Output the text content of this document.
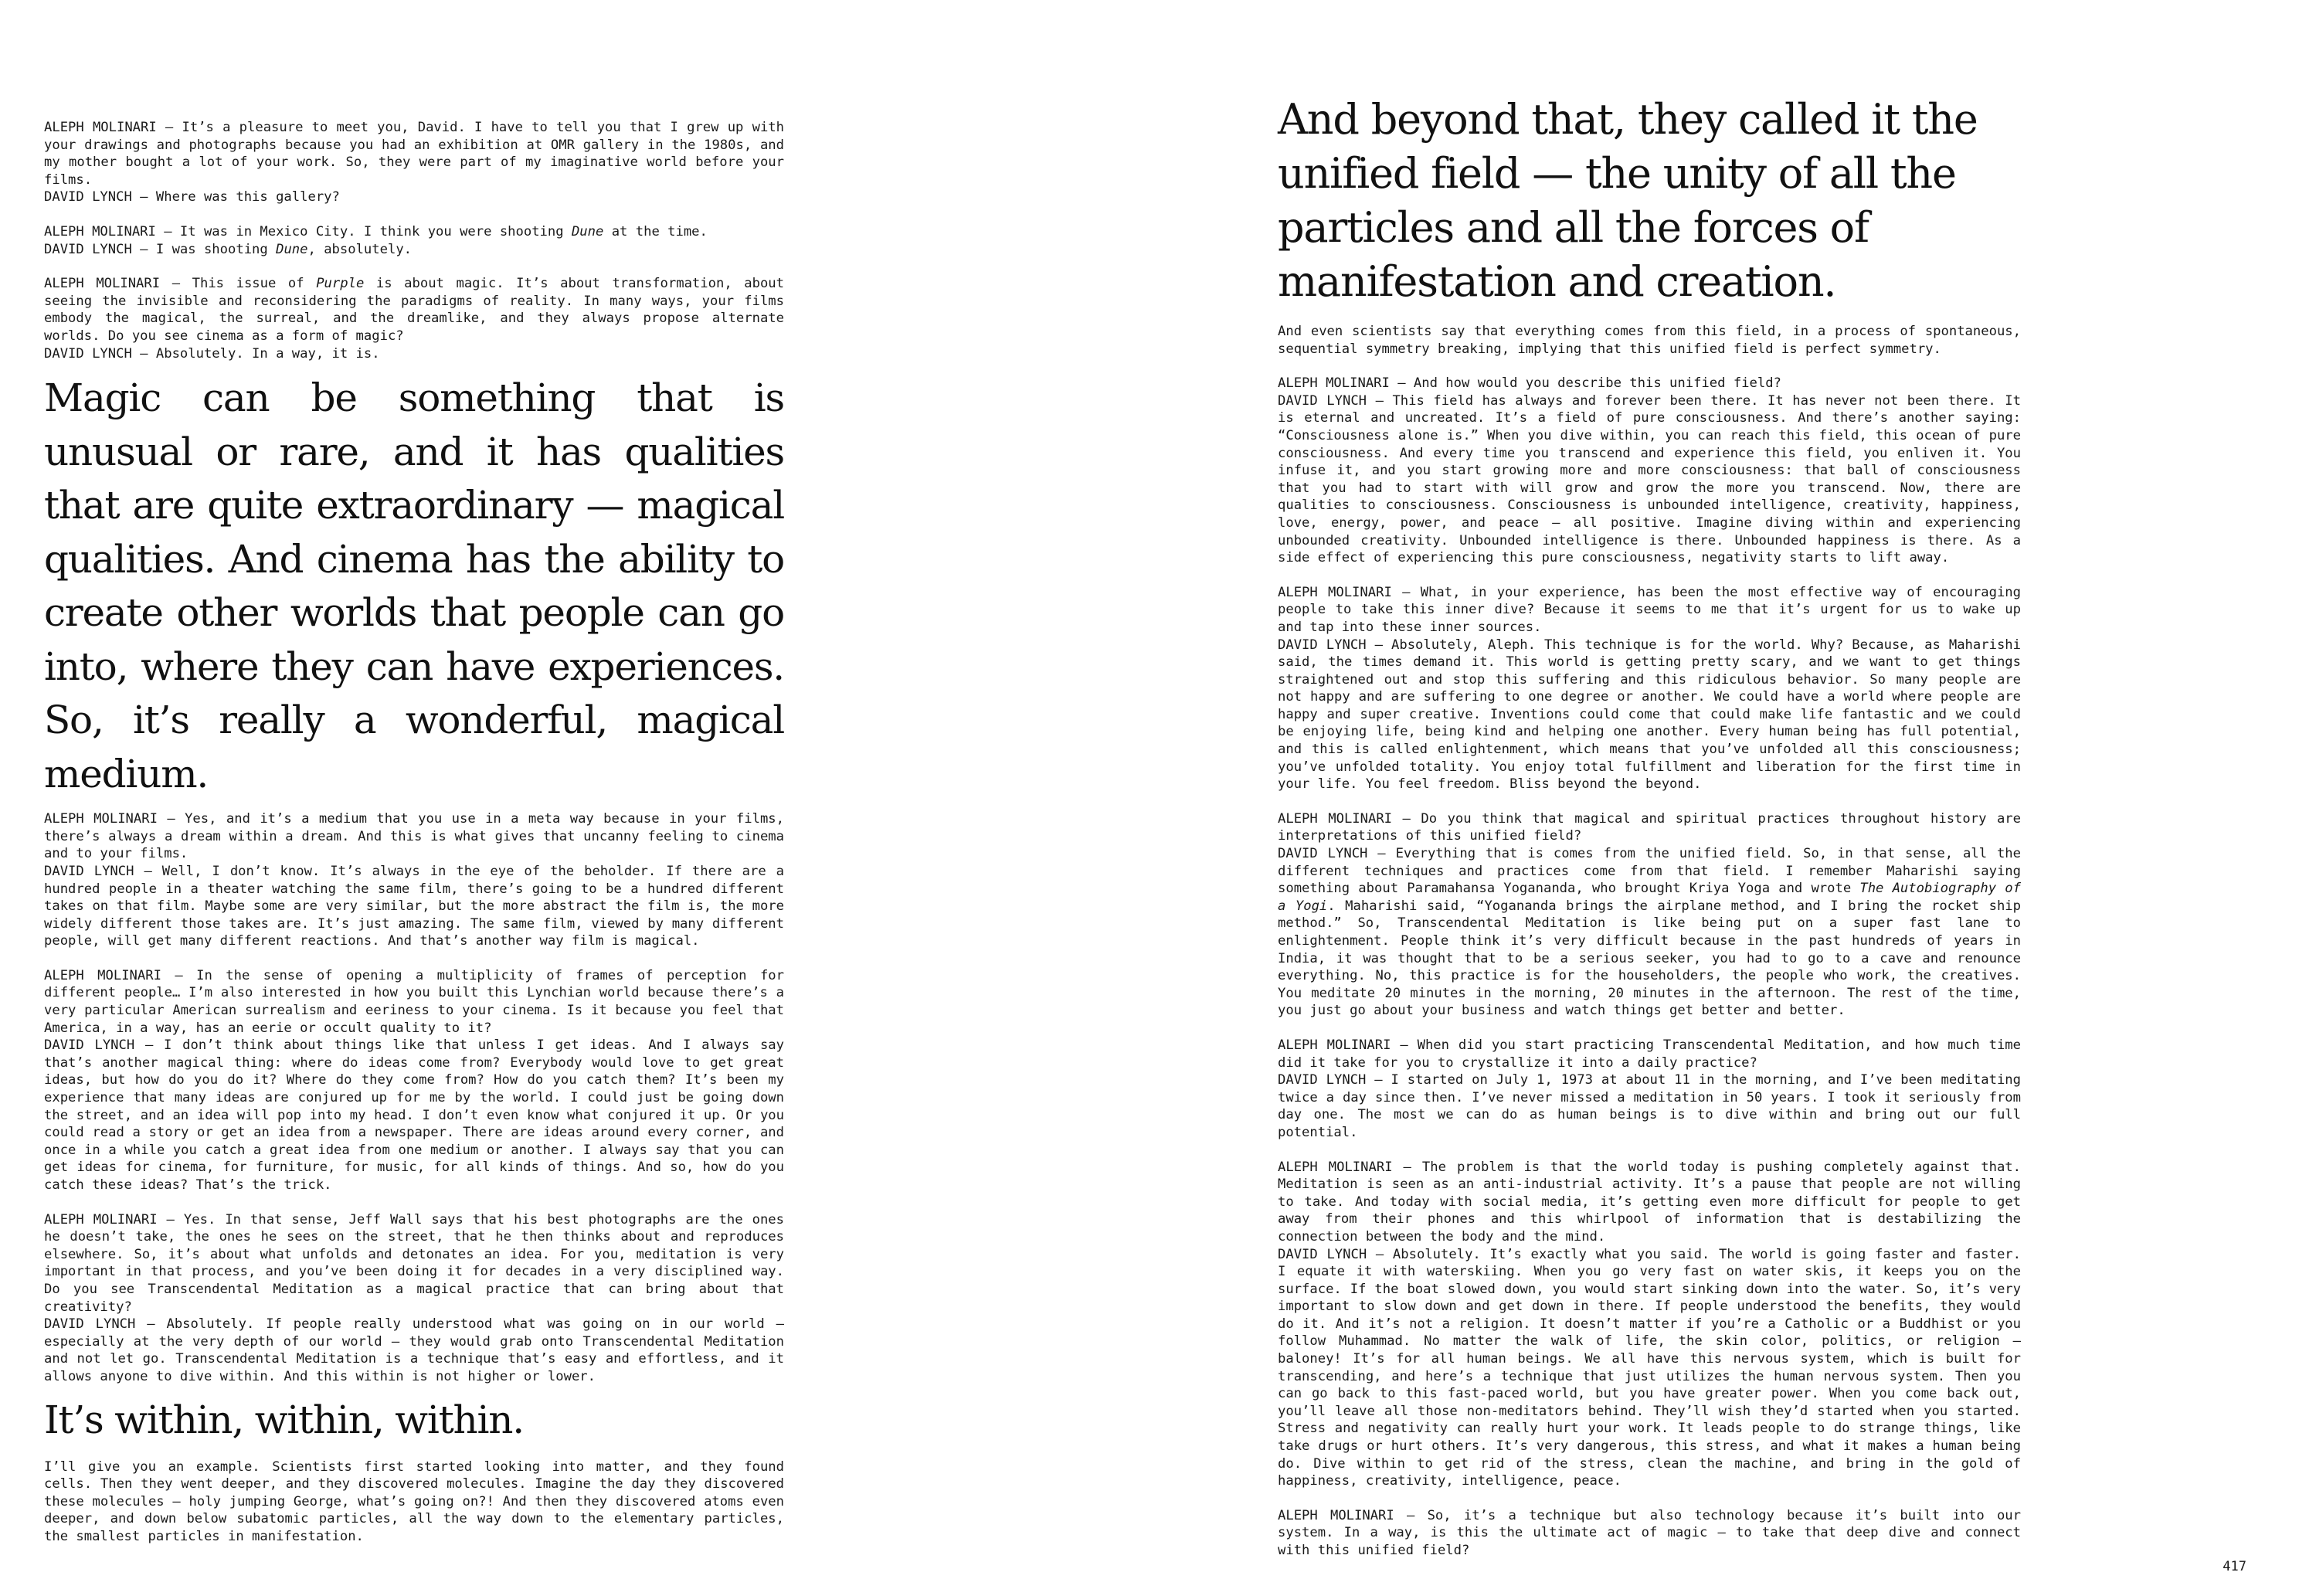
ALEPH MOLINARI — It’s a pleasure to meet you, David. I have to tell you that I grew up with your drawings and photographs because you had an exhibition at OMR gallery in the 1980s, and my mother bought a lot of your work. So, they were part of my imaginative world before your films.

DAVID LYNCH — Where was this gallery?

ALEPH MOLINARI — It was in Mexico City. I think you were shooting Dune at the time.

DAVID LYNCH — I was shooting Dune, absolutely.

ALEPH MOLINARI — This issue of Purple is about magic. It’s about transformation, about seeing the invisible and reconsidering the paradigms of reality. In many ways, your films embody the magical, the surreal, and the dreamlike, and they always propose alternate worlds. Do you see cinema as a form of magic?

DAVID LYNCH — Absolutely. In a way, it is.

Magic can be something that is unusual or rare, and it has qualities that are quite extraordinary — magical qualities. And cinema has the ability to create other worlds that people can go into, where they can have experiences. So, it’s really a wonderful, magical medium.

ALEPH MOLINARI — Yes, and it’s a medium that you use in a meta way because in your films, there’s always a dream within a dream. And this is what gives that uncanny feeling to cinema and to your films.

DAVID LYNCH — Well, I don’t know. It’s always in the eye of the beholder. If there are a hundred people in a theater watching the same film, there’s going to be a hundred different takes on that film. Maybe some are very similar, but the more abstract the film is, the more widely different those takes are. It’s just amazing. The same film, viewed by many different people, will get many different reactions. And that’s another way film is magical.

ALEPH MOLINARI — In the sense of opening a multiplicity of frames of perception for different people… I’m also interested in how you built this Lynchian world because there’s a very particular American surrealism and eeriness to your cinema. Is it because you feel that America, in a way, has an eerie or occult quality to it?

DAVID LYNCH — I don’t think about things like that unless I get ideas. And I always say that’s another magical thing: where do ideas come from? Everybody would love to get great ideas, but how do you do it? Where do they come from? How do you catch them? It’s been my experience that many ideas are conjured up for me by the world. I could just be going down the street, and an idea will pop into my head. I don’t even know what conjured it up. Or you could read a story or get an idea from a newspaper. There are ideas around every corner, and once in a while you catch a great idea from one medium or another. I always say that you can get ideas for cinema, for furniture, for music, for all kinds of things. And so, how do you catch these ideas? That’s the trick.

ALEPH MOLINARI — Yes. In that sense, Jeff Wall says that his best photographs are the ones he doesn’t take, the ones he sees on the street, that he then thinks about and reproduces elsewhere. So, it’s about what unfolds and detonates an idea. For you, meditation is very important in that process, and you’ve been doing it for decades in a very disciplined way. Do you see Transcendental Meditation as a magical practice that can bring about that creativity?

DAVID LYNCH — Absolutely. If people really understood what was going on in our world — especially at the very depth of our world — they would grab onto Transcendental Meditation and not let go. Transcendental Meditation is a technique that’s easy and effortless, and it allows anyone to dive within. And this within is not higher or lower.

It’s within, within, within.

I’ll give you an example. Scientists first started looking into matter, and they found cells. Then they went deeper, and they discovered molecules. Imagine the day they discovered these molecules — holy jumping George, what’s going on?! And then they discovered atoms even deeper, and down below subatomic particles, all the way down to the elementary particles, the smallest particles in manifestation.

And beyond that, they called it the unified field — the unity of all the particles and all the forces of manifestation and creation.

And even scientists say that everything comes from this field, in a process of spontaneous, sequential symmetry breaking, implying that this unified field is perfect symmetry.

ALEPH MOLINARI — And how would you describe this unified field?

DAVID LYNCH — This field has always and forever been there. It has never not been there. It is eternal and uncreated. It’s a field of pure consciousness. And there’s another saying: “Consciousness alone is.” When you dive within, you can reach this field, this ocean of pure consciousness. And every time you transcend and experience this field, you enliven it. You infuse it, and you start growing more and more consciousness: that ball of consciousness that you had to start with will grow and grow the more you transcend. Now, there are qualities to consciousness. Consciousness is unbounded intelligence, creativity, happiness, love, energy, power, and peace — all positive. Imagine diving within and experiencing unbounded creativity. Unbounded intelligence is there. Unbounded happiness is there. As a side effect of experiencing this pure consciousness, negativity starts to lift away.

ALEPH MOLINARI — What, in your experience, has been the most effective way of encouraging people to take this inner dive? Because it seems to me that it’s urgent for us to wake up and tap into these inner sources.

DAVID LYNCH — Absolutely, Aleph. This technique is for the world. Why? Because, as Maharishi said, the times demand it. This world is getting pretty scary, and we want to get things straightened out and stop this suffering and this ridiculous behavior. So many people are not happy and are suffering to one degree or another. We could have a world where people are happy and super creative. Inventions could come that could make life fantastic and we could be enjoying life, being kind and helping one another. Every human being has full potential, and this is called enlightenment, which means that you’ve unfolded all this consciousness; you’ve unfolded totality. You enjoy total fulfillment and liberation for the first time in your life. You feel freedom. Bliss beyond the beyond.

ALEPH MOLINARI — Do you think that magical and spiritual practices throughout history are interpretations of this unified field?

DAVID LYNCH — Everything that is comes from the unified field. So, in that sense, all the different techniques and practices come from that field. I remember Maharishi saying something about Paramahansa Yogananda, who brought Kriya Yoga and wrote The Autobiography of a Yogi. Maharishi said, “Yogananda brings the airplane method, and I bring the rocket ship method.” So, Transcendental Meditation is like being put on a super fast lane to enlightenment. People think it’s very difficult because in the past hundreds of years in India, it was thought that to be a serious seeker, you had to go to a cave and renounce everything. No, this practice is for the householders, the people who work, the creatives. You meditate 20 minutes in the morning, 20 minutes in the afternoon. The rest of the time, you just go about your business and watch things get better and better.

ALEPH MOLINARI — When did you start practicing Transcendental Meditation, and how much time did it take for you to crystallize it into a daily practice?

DAVID LYNCH — I started on July 1, 1973 at about 11 in the morning, and I’ve been meditating twice a day since then. I’ve never missed a meditation in 50 years. I took it seriously from day one. The most we can do as human beings is to dive within and bring out our full potential.

ALEPH MOLINARI — The problem is that the world today is pushing completely against that. Meditation is seen as an anti-industrial activity. It’s a pause that people are not willing to take. And today with social media, it’s getting even more difficult for people to get away from their phones and this whirlpool of information that is destabilizing the connection between the body and the mind.

DAVID LYNCH — Absolutely. It’s exactly what you said. The world is going faster and faster. I equate it with waterskiing. When you go very fast on water skis, it keeps you on the surface. If the boat slowed down, you would start sinking down into the water. So, it’s very important to slow down and get down in there. If people understood the benefits, they would do it. And it’s not a religion. It doesn’t matter if you’re a Catholic or a Buddhist or you follow Muhammad. No matter the walk of life, the skin color, politics, or religion — baloney! It’s for all human beings. We all have this nervous system, which is built for transcending, and here’s a technique that just utilizes the human nervous system. Then you can go back to this fast-paced world, but you have greater power. When you come back out, you’ll leave all those non-meditators behind. They’ll wish they’d started when you started. Stress and negativity can really hurt your work. It leads people to do strange things, like take drugs or hurt others. It’s very dangerous, this stress, and what it makes a human being do. Dive within to get rid of the stress, clean the machine, and bring in the gold of happiness, creativity, intelligence, peace.

ALEPH MOLINARI — So, it’s a technique but also technology because it’s built into our system. In a way, is this the ultimate act of magic — to take that deep dive and connect with this unified field?

417
